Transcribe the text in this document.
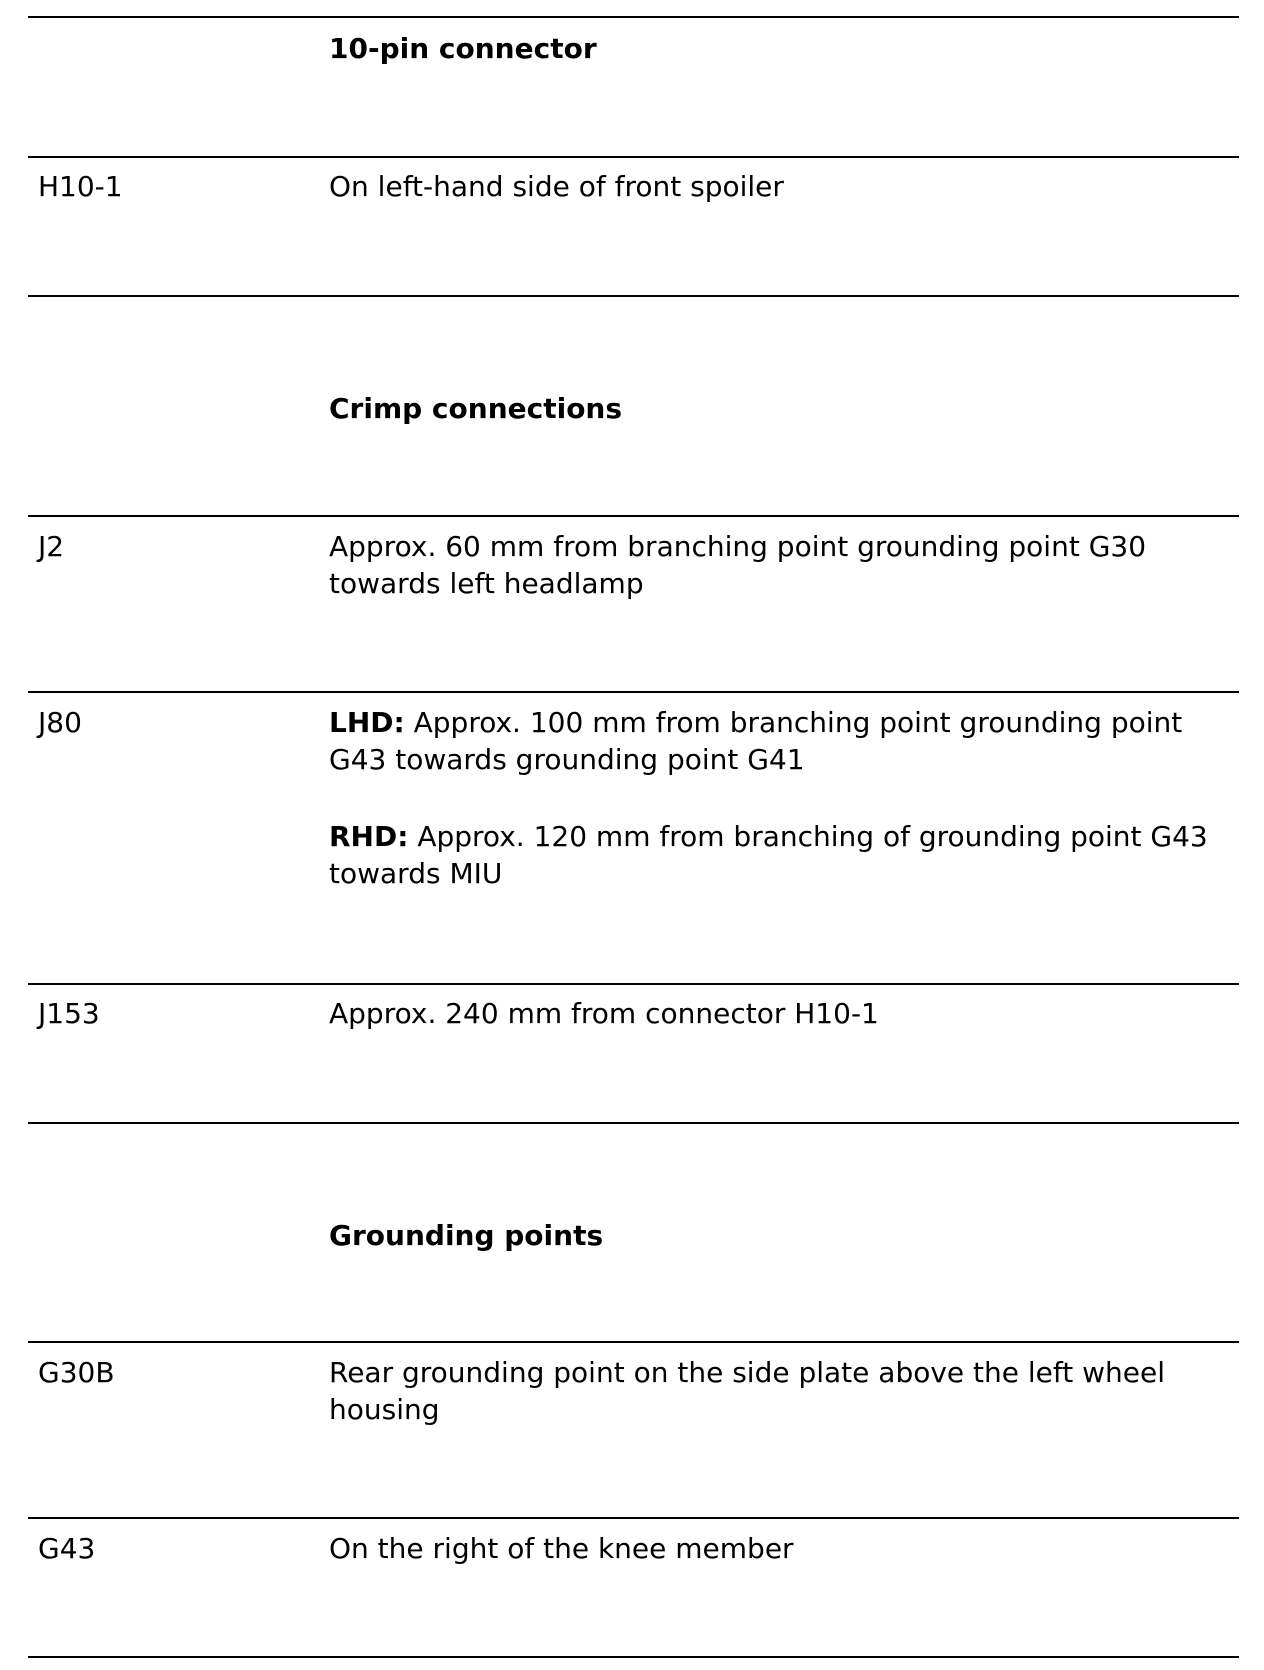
10-pin connector
H10-1	On left-hand side of front spoiler
Crimp connections
J2	Approx. 60 mm from branching point grounding point G30 towards left headlamp
J80	LHD: Approx. 100 mm from branching point grounding point G43 towards grounding point G41

RHD: Approx. 120 mm from branching of grounding point G43 towards MIU

J153	Approx. 240 mm from connector H10-1
Grounding points
G30B	Rear grounding point on the side plate above the left wheel housing
G43	On the right of the knee member
